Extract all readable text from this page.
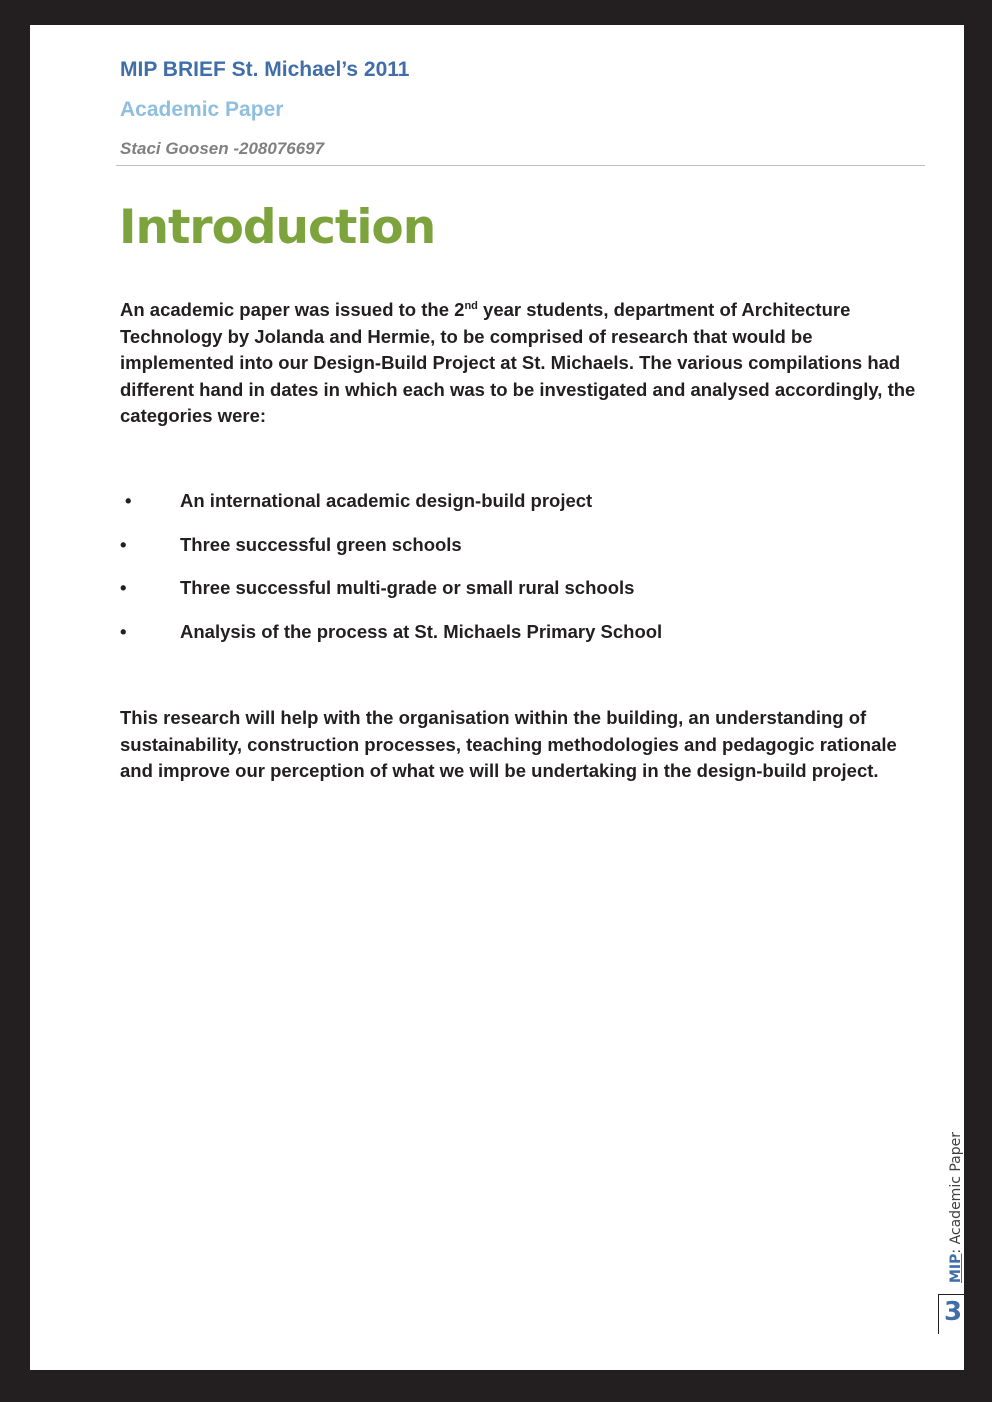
MIP BRIEF St. Michael’s 2011
Academic Paper
Staci Goosen -208076697
Introduction

An academic paper was issued to the 2nd year students, department of Architecture Technology by Jolanda and Hermie, to be comprised of research that would be implemented into our Design-Build Project at St. Michaels. The various compilations had different hand in dates in which each was to be investigated and analysed accordingly, the categories were:

•	An international academic design-build project
•	Three successful green schools
•	Three successful multi-grade or small rural schools
•	Analysis of the process at St. Michaels Primary School

This research will help with the organisation within the building, an understanding of sustainability, construction processes, teaching methodologies and pedagogic rationale and improve our perception of what we will be undertaking in the design-build project.

MIP: Academic Paper
3
